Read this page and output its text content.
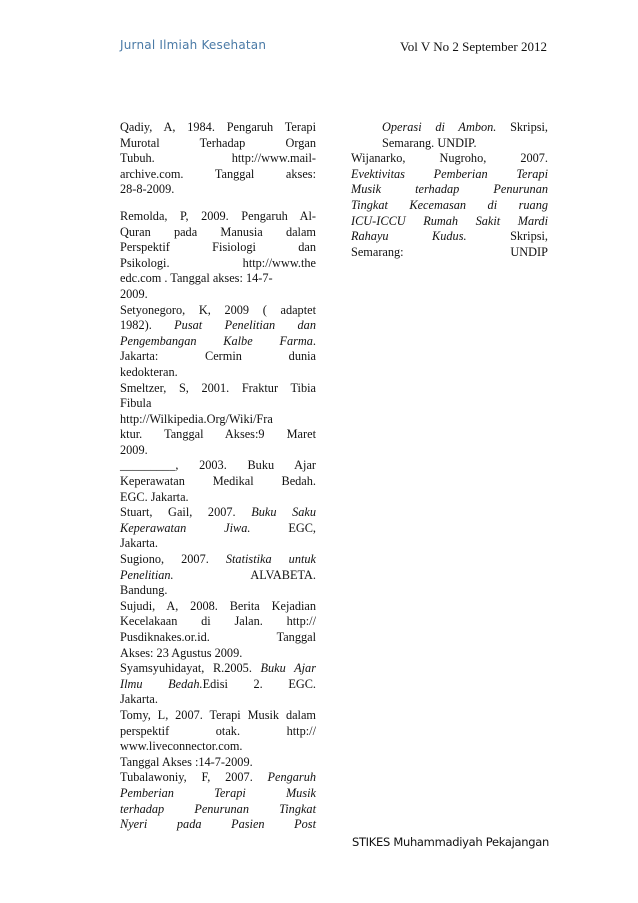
Jurnal Ilmiah Kesehatan	Vol V No 2 September 2012
Qadiy, A, 1984. Pengaruh Terapi
Murotal Terhadap Organ
Tubuh. http://www.mail-
archive.com. Tanggal akses:
28-8-2009.
Remolda, P, 2009. Pengaruh Al-
Quran pada Manusia dalam
Perspektif Fisiologi dan
Psikologi. http://www.the
edc.com . Tanggal akses: 14-7-
2009.
Setyonegoro, K, 2009 ( adaptet
1982). Pusat Penelitian dan
Pengembangan Kalbe Farma.
Jakarta: Cermin dunia
kedokteran.
Smeltzer, S, 2001. Fraktur Tibia
Fibula
http://Wilkipedia.Org/Wiki/Fra
ktur. Tanggal Akses:9 Maret
2009.
_________, 2003. Buku Ajar
Keperawatan Medikal Bedah.
EGC. Jakarta.
Stuart, Gail, 2007. Buku Saku
Keperawatan Jiwa. EGC,
Jakarta.
Sugiono, 2007. Statistika untuk
Penelitian. ALVABETA.
Bandung.
Sujudi, A, 2008. Berita Kejadian
Kecelakaan di Jalan. http://
Pusdiknakes.or.id. Tanggal
Akses: 23 Agustus 2009.
Syamsyuhidayat, R.2005. Buku Ajar
Ilmu Bedah.Edisi 2. EGC.
Jakarta.
Tomy, L, 2007. Terapi Musik dalam
perspektif otak. http://
www.liveconnector.com.
Tanggal Akses :14-7-2009.
Tubalawoniy, F, 2007. Pengaruh
Pemberian Terapi Musik
terhadap Penurunan Tingkat
Nyeri pada Pasien Post
Operasi di Ambon. Skripsi,
Semarang. UNDIP.
Wijanarko, Nugroho, 2007.
Evektivitas Pemberian Terapi
Musik terhadap Penurunan
Tingkat Kecemasan di ruang
ICU-ICCU Rumah Sakit Mardi
Rahayu Kudus. Skripsi,
Semarang: UNDIP
STIKES Muhammadiyah Pekajangan
